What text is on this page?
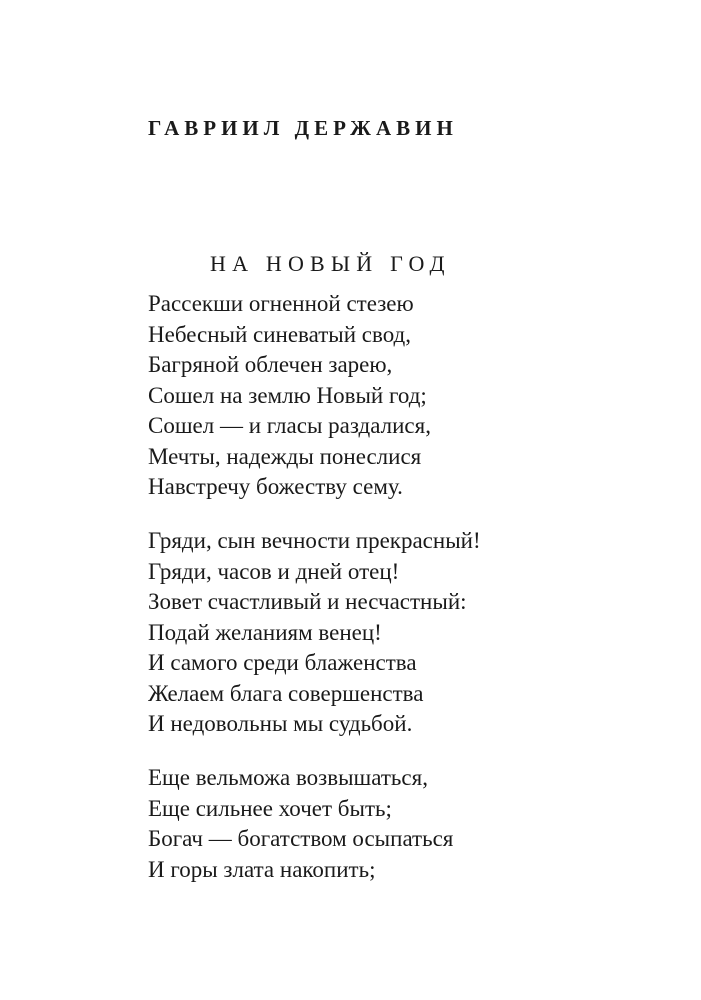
ГАВРИИЛ ДЕРЖАВИН
НА НОВЫЙ ГОД
Рассекши огненной стезею
Небесный синеватый свод,
Багряной облечен зарею,
Сошел на землю Новый год;
Сошел — и гласы раздалися,
Мечты, надежды понеслися
Навстречу божеству сему.
Гряди, сын вечности прекрасный!
Гряди, часов и дней отец!
Зовет счастливый и несчастный:
Подай желаниям венец!
И самого среди блаженства
Желаем блага совершенства
И недовольны мы судьбой.
Еще вельможа возвышаться,
Еще сильнее хочет быть;
Богач — богатством осыпаться
И горы злата накопить;
